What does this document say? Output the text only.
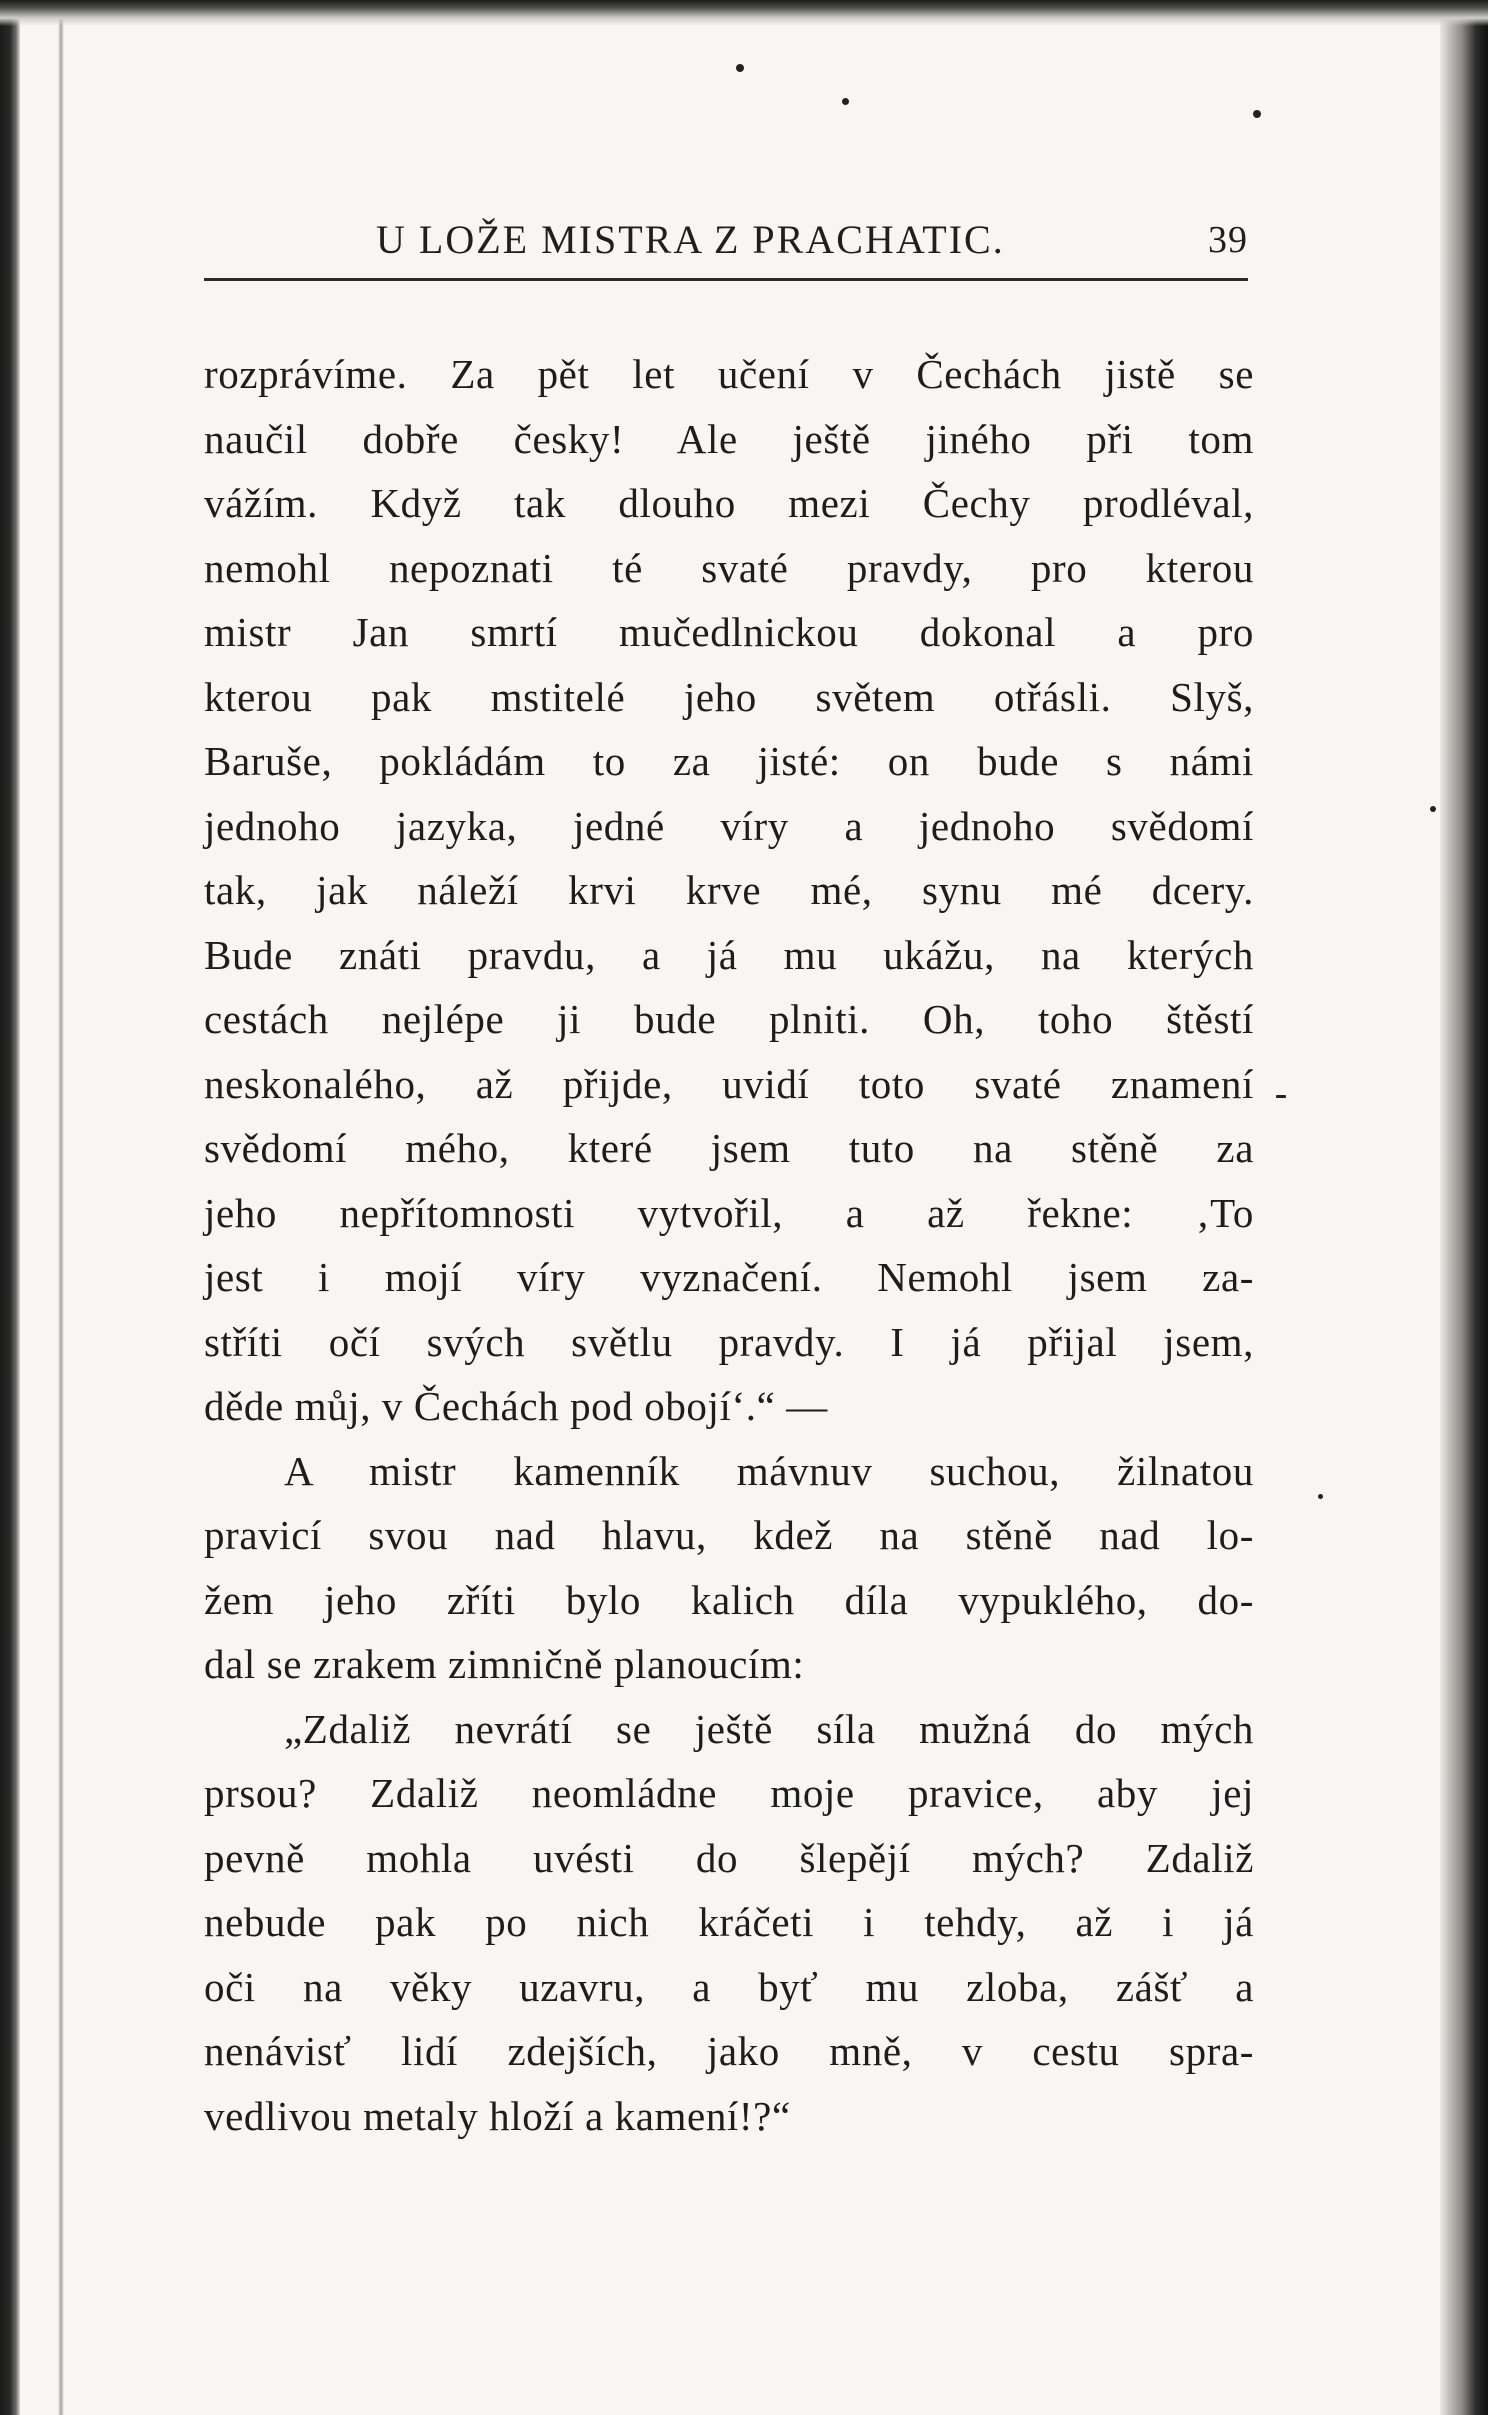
U LOŽE MISTRA Z PRACHATIC.	39
rozprávíme. Za pět let učení v Čechách jistě se
naučil dobře česky! Ale ještě jiného při tom
vážím. Když tak dlouho mezi Čechy prodléval,
nemohl nepoznati té svaté pravdy, pro kterou
mistr Jan smrtí mučedlnickou dokonal a pro
kterou pak mstitelé jeho světem otřásli. Slyš,
Baruše, pokládám to za jisté: on bude s námi
jednoho jazyka, jedné víry a jednoho svědomí
tak, jak náleží krvi krve mé, synu mé dcery.
Bude znáti pravdu, a já mu ukážu, na kterých
cestách nejlépe ji bude plniti. Oh, toho štěstí
neskonalého, až přijde, uvidí toto svaté znamení
svědomí mého, které jsem tuto na stěně za
jeho nepřítomnosti vytvořil, a až řekne: ‚To
jest i mojí víry vyznačení. Nemohl jsem za-
stříti očí svých světlu pravdy. I já přijal jsem,
děde můj, v Čechách pod obojí‘.“ —
A mistr kamenník mávnuv suchou, žilnatou
pravicí svou nad hlavu, kdež na stěně nad lo-
žem jeho zříti bylo kalich díla vypuklého, do-
dal se zrakem zimničně planoucím:
„Zdaliž nevrátí se ještě síla mužná do mých
prsou? Zdaliž neomládne moje pravice, aby jej
pevně mohla uvésti do šlepějí mých? Zdaliž
nebude pak po nich kráčeti i tehdy, až i já
oči na věky uzavru, a byť mu zloba, zášť a
nenávisť lidí zdejších, jako mně, v cestu spra-
vedlivou metaly hloží a kamení!?“
